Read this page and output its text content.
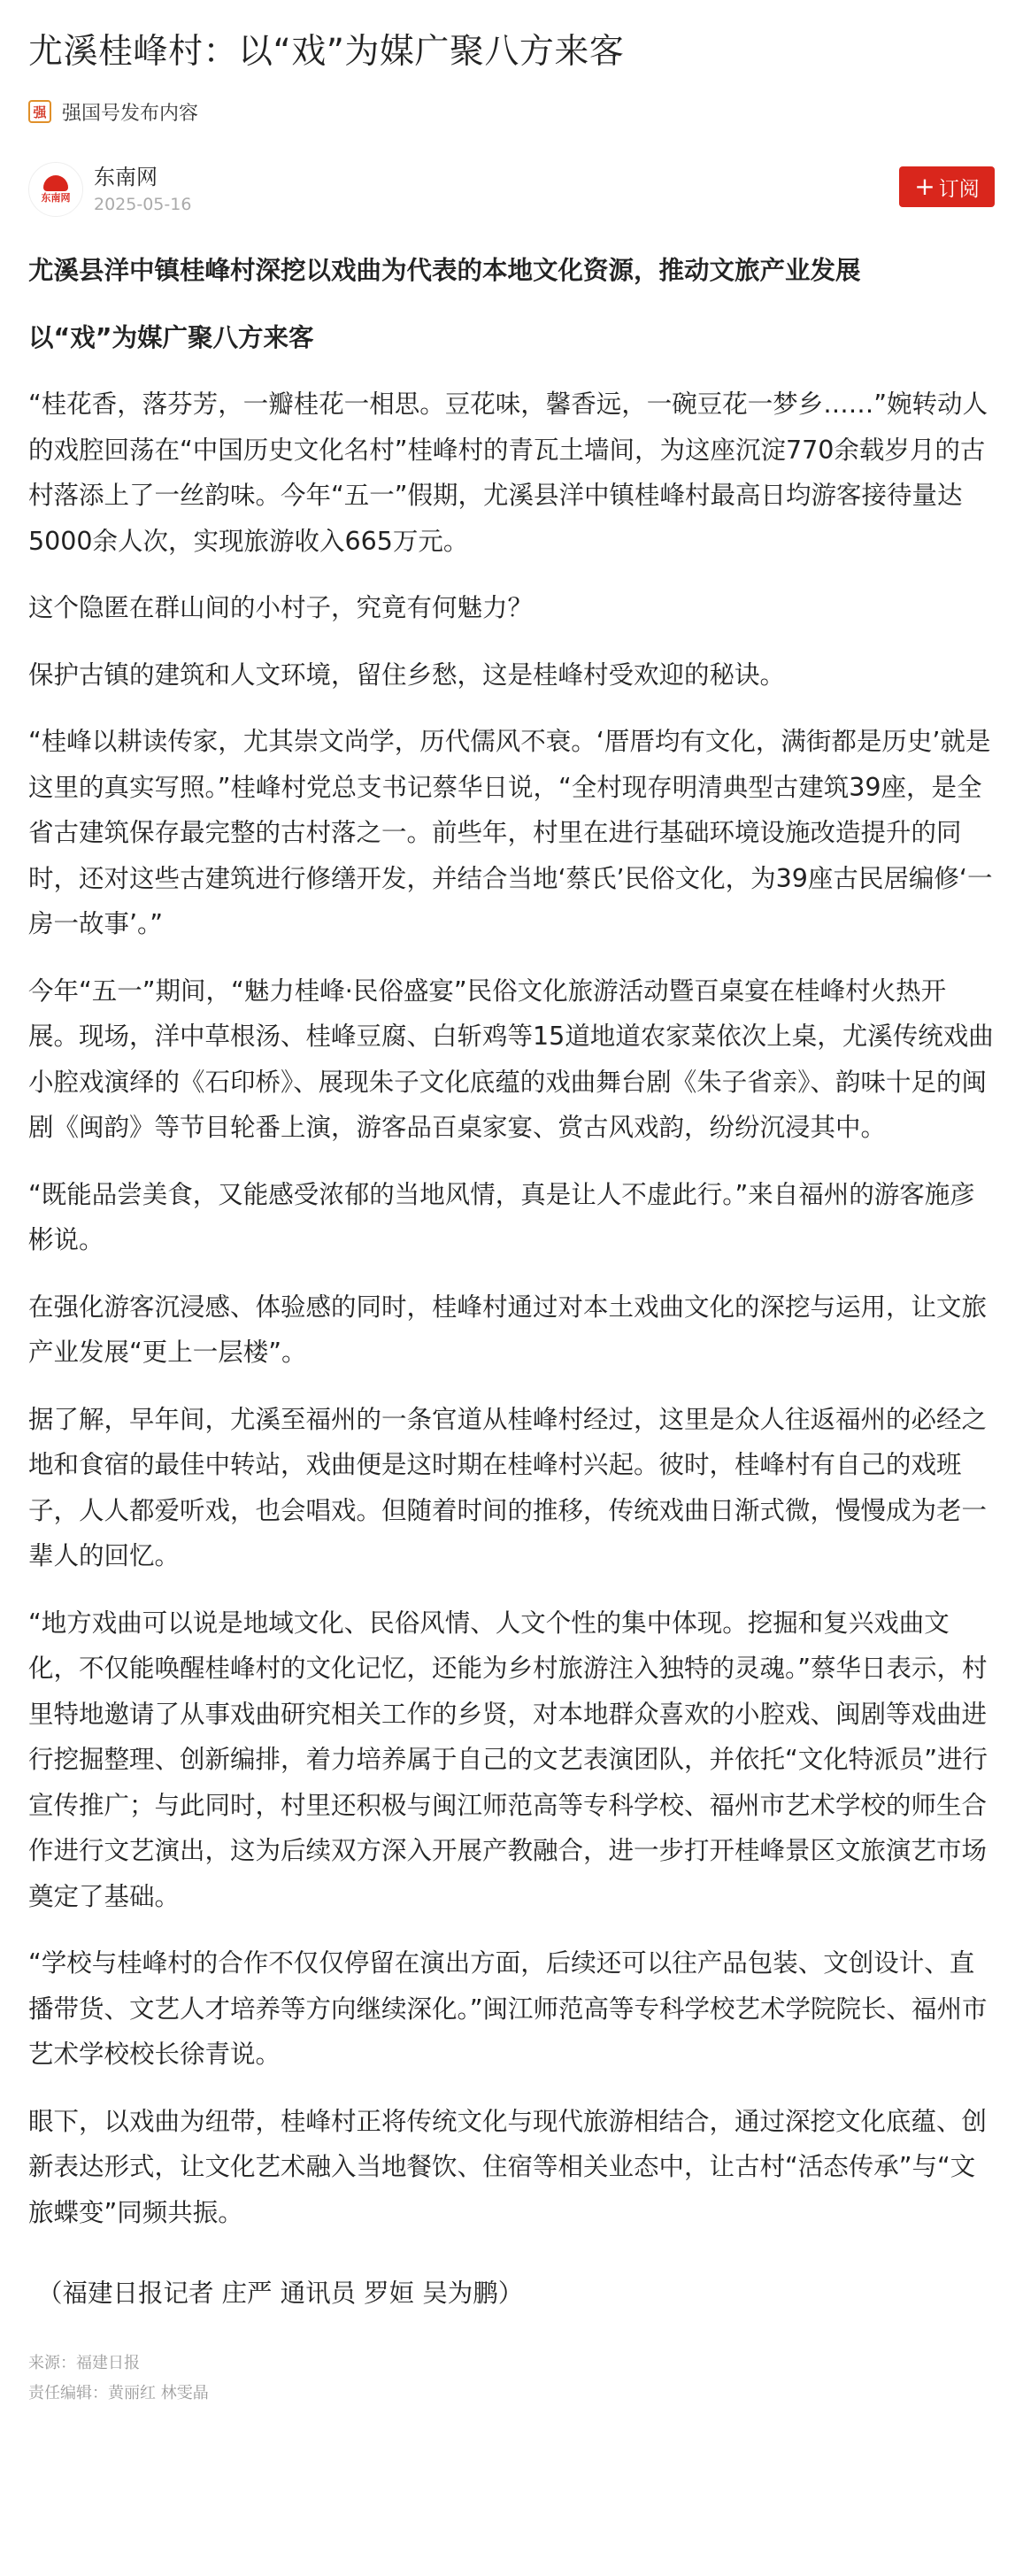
尤溪桂峰村：以“戏”为媒广聚八方来客
强 强国号发布内容
东南网
东南网
2025-05-16
+ 订阅

尤溪县洋中镇桂峰村深挖以戏曲为代表的本地文化资源，推动文旅产业发展

以“戏”为媒广聚八方来客

“桂花香，落芬芳，一瓣桂花一相思。豆花味，馨香远，一碗豆花一梦乡……”婉转动人的戏腔回荡在“中国历史文化名村”桂峰村的青瓦土墙间，为这座沉淀770余载岁月的古村落添上了一丝韵味。今年“五一”假期，尤溪县洋中镇桂峰村最高日均游客接待量达5000余人次，实现旅游收入665万元。

这个隐匿在群山间的小村子，究竟有何魅力？

保护古镇的建筑和人文环境，留住乡愁，这是桂峰村受欢迎的秘诀。

“桂峰以耕读传家，尤其崇文尚学，历代儒风不衰。‘厝厝均有文化，满街都是历史’就是这里的真实写照。”桂峰村党总支书记蔡华日说，“全村现存明清典型古建筑39座，是全省古建筑保存最完整的古村落之一。前些年，村里在进行基础环境设施改造提升的同时，还对这些古建筑进行修缮开发，并结合当地‘蔡氏’民俗文化，为39座古民居编修‘一房一故事’。”

今年“五一”期间，“魅力桂峰·民俗盛宴”民俗文化旅游活动暨百桌宴在桂峰村火热开展。现场，洋中草根汤、桂峰豆腐、白斩鸡等15道地道农家菜依次上桌，尤溪传统戏曲小腔戏演绎的《石印桥》、展现朱子文化底蕴的戏曲舞台剧《朱子省亲》、韵味十足的闽剧《闽韵》等节目轮番上演，游客品百桌家宴、赏古风戏韵，纷纷沉浸其中。

“既能品尝美食，又能感受浓郁的当地风情，真是让人不虚此行。”来自福州的游客施彦彬说。

在强化游客沉浸感、体验感的同时，桂峰村通过对本土戏曲文化的深挖与运用，让文旅产业发展“更上一层楼”。

据了解，早年间，尤溪至福州的一条官道从桂峰村经过，这里是众人往返福州的必经之地和食宿的最佳中转站，戏曲便是这时期在桂峰村兴起。彼时，桂峰村有自己的戏班子，人人都爱听戏，也会唱戏。但随着时间的推移，传统戏曲日渐式微，慢慢成为老一辈人的回忆。

“地方戏曲可以说是地域文化、民俗风情、人文个性的集中体现。挖掘和复兴戏曲文化，不仅能唤醒桂峰村的文化记忆，还能为乡村旅游注入独特的灵魂。”蔡华日表示，村里特地邀请了从事戏曲研究相关工作的乡贤，对本地群众喜欢的小腔戏、闽剧等戏曲进行挖掘整理、创新编排，着力培养属于自己的文艺表演团队，并依托“文化特派员”进行宣传推广；与此同时，村里还积极与闽江师范高等专科学校、福州市艺术学校的师生合作进行文艺演出，这为后续双方深入开展产教融合，进一步打开桂峰景区文旅演艺市场奠定了基础。

“学校与桂峰村的合作不仅仅停留在演出方面，后续还可以往产品包装、文创设计、直播带货、文艺人才培养等方向继续深化。”闽江师范高等专科学校艺术学院院长、福州市艺术学校校长徐青说。

眼下，以戏曲为纽带，桂峰村正将传统文化与现代旅游相结合，通过深挖文化底蕴、创新表达形式，让文化艺术融入当地餐饮、住宿等相关业态中，让古村“活态传承”与“文旅蝶变”同频共振。

（福建日报记者 庄严 通讯员 罗姮 吴为鹏）

来源：福建日报
责任编辑：黄丽红 林雯晶
